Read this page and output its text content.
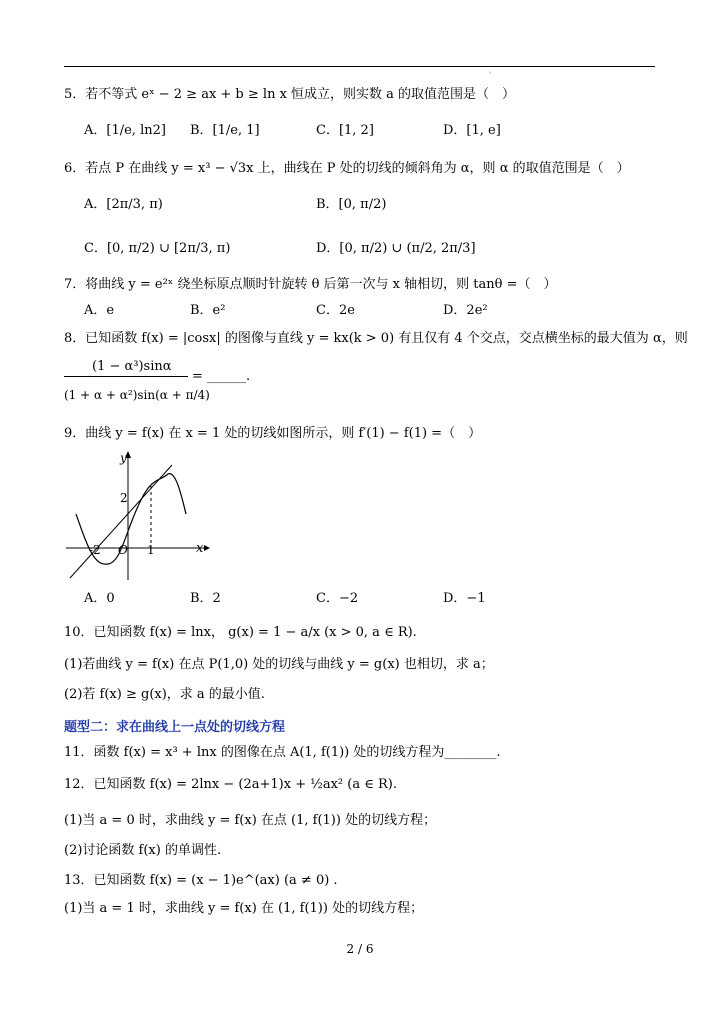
ˈ
5．若不等式 eˣ − 2 ≥ ax + b ≥ ln x 恒成立，则实数 a 的取值范围是（　）
A．[1/e, ln2] B．[1/e, 1]	C．[1, 2]	D．[1, e]
6．若点 P 在曲线 y = x³ − √3x 上，曲线在 P 处的切线的倾斜角为 α，则 α 的取值范围是（　）
A．[2π/3, π)	B．[0, π/2)
C．[0, π/2) ∪ [2π/3, π)	D．[0, π/2) ∪ (π/2, 2π/3]
7．将曲线 y = e²ˣ 绕坐标原点顺时针旋转 θ 后第一次与 x 轴相切，则 tanθ =（　）
A．e	B．e²	C．2e	D．2e²
8．已知函数 f(x) = |cosx| 的图像与直线 y = kx(k > 0) 有且仅有 4 个交点，交点横坐标的最大值为 α，则
(1 − α³)sinα
(1 + α + α²)sin(α + π/4)
= ______.
9．曲线 y = f(x) 在 x = 1 处的切线如图所示，则 f′(1) − f(1) =（　）
y
x
O
-2	1
2
A．0	B．2	C．−2	D．−1
10．已知函数 f(x) = lnx， g(x) = 1 − a/x (x > 0, a ∈ R).
(1)若曲线 y = f(x) 在点 P(1,0) 处的切线与曲线 y = g(x) 也相切，求 a；
(2)若 f(x) ≥ g(x)，求 a 的最小值.
题型二：求在曲线上一点处的切线方程
11．函数 f(x) = x³ + lnx 的图像在点 A(1, f(1)) 处的切线方程为________.
12．已知函数 f(x) = 2lnx − (2a+1)x + ½ax² (a ∈ R).
(1)当 a = 0 时，求曲线 y = f(x) 在点 (1, f(1)) 处的切线方程；
(2)讨论函数 f(x) 的单调性.
13．已知函数 f(x) = (x − 1)e^(ax) (a ≠ 0) .
(1)当 a = 1 时，求曲线 y = f(x) 在 (1, f(1)) 处的切线方程；
2 / 6
